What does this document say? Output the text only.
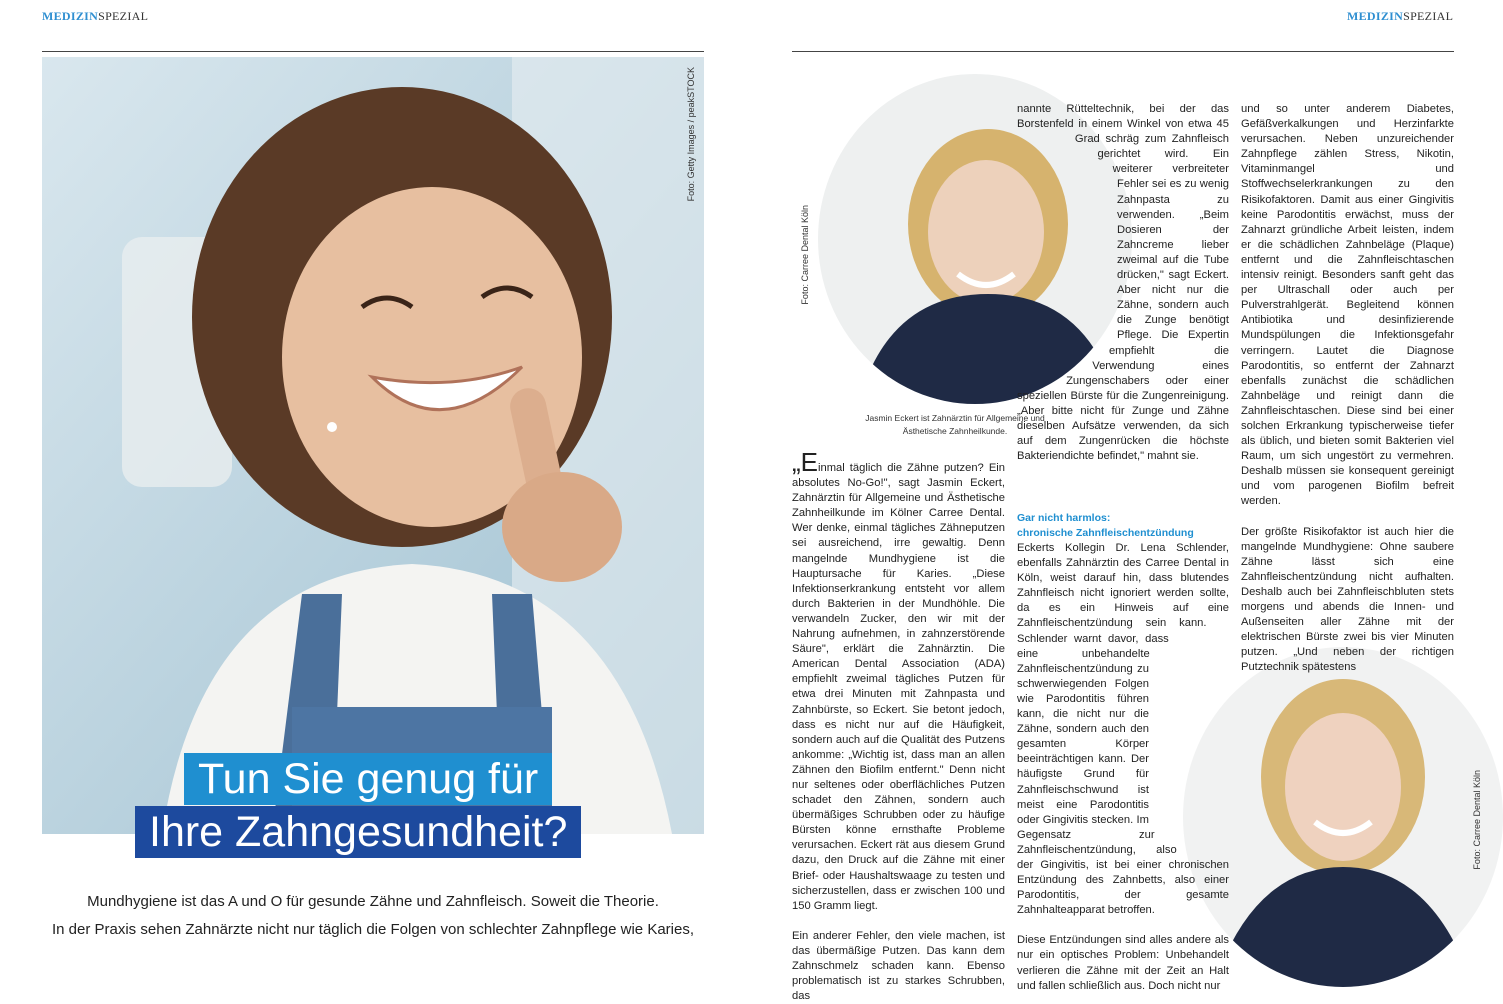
MEDIZINSPEZIAL	MEDIZINSPEZIAL
Foto: Getty Images / peakSTOCK
Tun Sie genug für
Ihre Zahngesundheit?
Mundhygiene ist das A und O für gesunde Zähne und Zahnfleisch. Soweit die Theorie.
In der Praxis sehen Zahnärzte nicht nur täglich die Folgen von schlechter Zahnpflege wie Karies,
Foto: Carree Dental Köln
Jasmin Eckert ist Zahnärztin für Allgemeine und
Ästhetische Zahnheilkunde.
Foto: Carree Dental Köln

„Einmal täglich die Zähne putzen? Ein absolutes No-Go!", sagt Jasmin Eckert, Zahnärztin für Allgemeine und Ästhetische Zahnheilkunde im Kölner Carree Dental. Wer denke, einmal tägliches Zähneputzen sei ausreichend, irre gewaltig. Denn mangelnde Mundhygiene ist die Hauptursache für Karies. „Diese Infektionserkrankung entsteht vor allem durch Bakterien in der Mundhöhle. Die verwandeln Zucker, den wir mit der Nahrung aufnehmen, in zahnzerstörende Säure", erklärt die Zahnärztin. Die American Dental Association (ADA) empfiehlt zweimal tägliches Putzen für etwa drei Minuten mit Zahnpasta und Zahnbürste, so Eckert. Sie betont jedoch, dass es nicht nur auf die Häufigkeit, sondern auch auf die Qualität des Putzens ankomme: „Wichtig ist, dass man an allen Zähnen den Biofilm entfernt." Denn nicht nur seltenes oder oberflächliches Putzen schadet den Zähnen, sondern auch übermäßiges Schrubben oder zu häufige Bürsten könne ernsthafte Probleme verursachen. Eckert rät aus diesem Grund dazu, den Druck auf die Zähne mit einer Brief- oder Haushaltswaage zu testen und sicherzustellen, dass er zwischen 100 und 150 Gramm liegt.

Ein anderer Fehler, den viele machen, ist das übermäßige Putzen. Das kann dem Zahnschmelz schaden kann. Ebenso problematisch ist zu starkes Schrubben, das

nannte Rütteltechnik, bei der das Borstenfeld in einem Winkel von etwa 45 Grad schräg zum Zahnfleisch gerichtet wird. Ein weiterer verbreiteter Fehler sei es zu wenig Zahnpasta zu verwenden. „Beim Dosieren der Zahncreme lieber zweimal auf die Tube drücken," sagt Eckert. Aber nicht nur die Zähne, sondern auch die Zunge benötigt Pflege. Die Expertin empfiehlt die Verwendung eines Zungenschabers oder einer speziellen Bürste für die Zungenreinigung. „Aber bitte nicht für Zunge und Zähne dieselben Aufsätze verwenden, da sich auf dem Zungenrücken die höchste Bakteriendichte befindet," mahnt sie.

Gar nicht harmlos:
chronische Zahnfleischentzündung

Eckerts Kollegin Dr. Lena Schlender, ebenfalls Zahnärztin des Carree Dental in Köln, weist darauf hin, dass blutendes Zahnfleisch nicht ignoriert werden sollte, da es ein Hinweis auf eine Zahnfleischentzündung sein kann. Schlender warnt davor, dass eine unbehandelte Zahnfleischentzündung zu schwerwiegenden Folgen wie Parodontitis führen kann, die nicht nur die Zähne, sondern auch den gesamten Körper beeinträchtigen kann. Der häufigste Grund für Zahnfleischschwund ist meist eine Parodontitis oder Gingivitis stecken. Im Gegensatz zur Zahnfleischentzündung, also der Gingivitis, ist bei einer chronischen Entzündung des Zahnbetts, also einer Parodontitis, der gesamte Zahnhalteapparat betroffen.

Diese Entzündungen sind alles andere als nur ein optisches Problem: Unbehandelt verlieren die Zähne mit der Zeit an Halt und fallen schließlich aus. Doch nicht nur

und so unter anderem Diabetes, Gefäßverkalkungen und Herzinfarkte verursachen. Neben unzureichender Zahnpflege zählen Stress, Nikotin, Vitaminmangel und Stoffwechselerkrankungen zu den Risikofaktoren. Damit aus einer Gingivitis keine Parodontitis erwächst, muss der Zahnarzt gründliche Arbeit leisten, indem er die schädlichen Zahnbeläge (Plaque) entfernt und die Zahnfleischtaschen intensiv reinigt. Besonders sanft geht das per Ultraschall oder auch per Pulverstrahlgerät. Begleitend können Antibiotika und desinfizierende Mundspülungen die Infektionsgefahr verringern. Lautet die Diagnose Parodontitis, so entfernt der Zahnarzt ebenfalls zunächst die schädlichen Zahnbeläge und reinigt dann die Zahnfleischtaschen. Diese sind bei einer solchen Erkrankung typischerweise tiefer als üblich, und bieten somit Bakterien viel Raum, um sich ungestört zu vermehren. Deshalb müssen sie konsequent gereinigt und vom parogenen Biofilm befreit werden.

Der größte Risikofaktor ist auch hier die mangelnde Mundhygiene: Ohne saubere Zähne lässt sich eine Zahnfleischentzündung nicht aufhalten. Deshalb auch bei Zahnfleischbluten stets morgens und abends die Innen- und Außenseiten aller Zähne mit der elektrischen Bürste zwei bis vier Minuten putzen. „Und neben der richtigen Putztechnik spätestens
